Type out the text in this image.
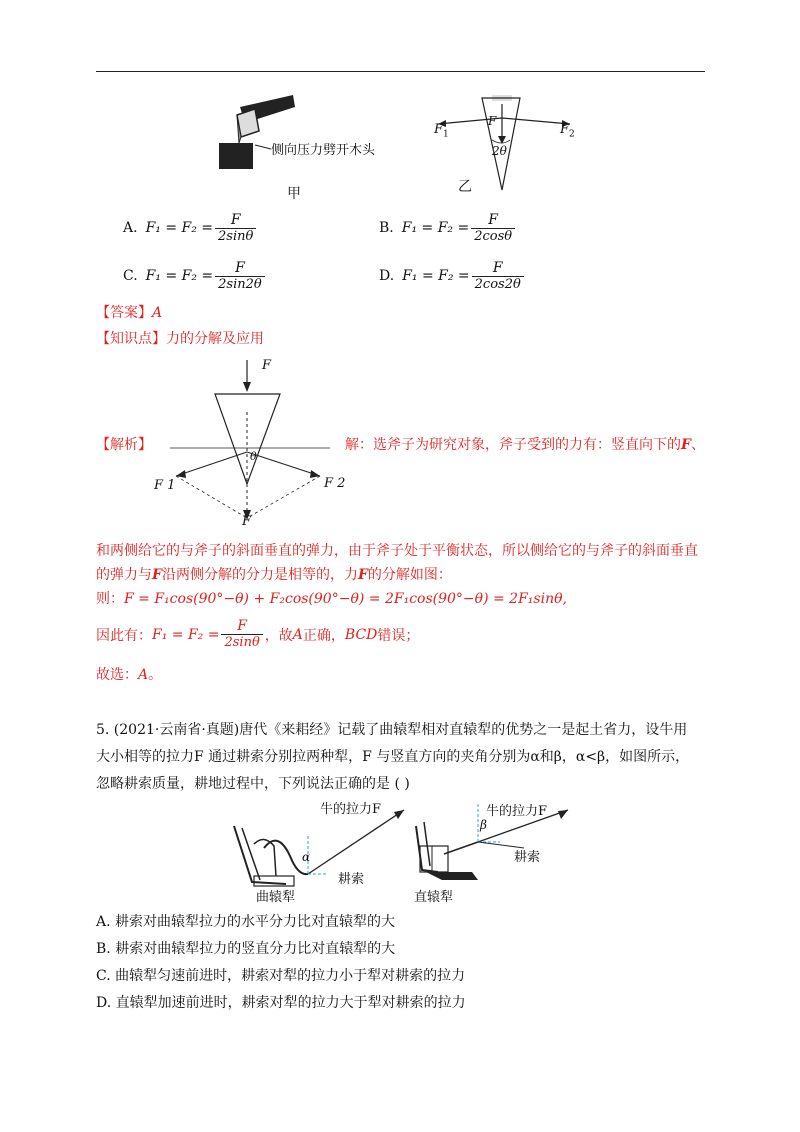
侧向压力劈开木头
甲
$F_1$	$F_2$
F
2θ
乙
A. $F_1 = F_2 = \frac{F}{2\sin\theta}$	B. $F_1 = F_2 = \frac{F}{2\cos\theta}$
C. $F_1 = F_2 = \frac{F}{2\sin 2\theta}$	D. $F_1 = F_2 = \frac{F}{2\cos 2\theta}$
【答案】A
【知识点】力的分解及应用
F
F 1	F 2
F
θ
【解析】	解：选斧子为研究对象，斧子受到的力有：竖直向下的F、
和两侧给它的与斧子的斜面垂直的弹力，由于斧子处于平衡状态，所以侧给它的与斧子的斜面垂直
的弹力与F沿两侧分解的分力是相等的，力F的分解如图：
则：F = F₁cos(90°−θ) + F₂cos(90°−θ) = 2F₁cos(90°−θ) = 2F₁sinθ,
因此有： $F_1 = F_2 = \frac{F}{2\sin\theta}$ ，故 A 正确， BCD 错误；
故选：A。
5. (2021·云南省·真题)唐代《来耜经》记载了曲辕犁相对直辕犁的优势之一是起土省力，设牛用
大小相等的拉力F 通过耕索分别拉两种犁，F 与竖直方向的夹角分别为α和β，α<β，如图所示，
忽略耕索质量，耕地过程中，下列说法正确的是 ( )
牛的拉力F
α
耕索
曲辕犁
牛的拉力F
β
耕索
直辕犁
A. 耕索对曲辕犁拉力的水平分力比对直辕犁的大
B. 耕索对曲辕犁拉力的竖直分力比对直辕犁的大
C. 曲辕犁匀速前进时，耕索对犁的拉力小于犁对耕索的拉力
D. 直辕犁加速前进时，耕索对犁的拉力大于犁对耕索的拉力
